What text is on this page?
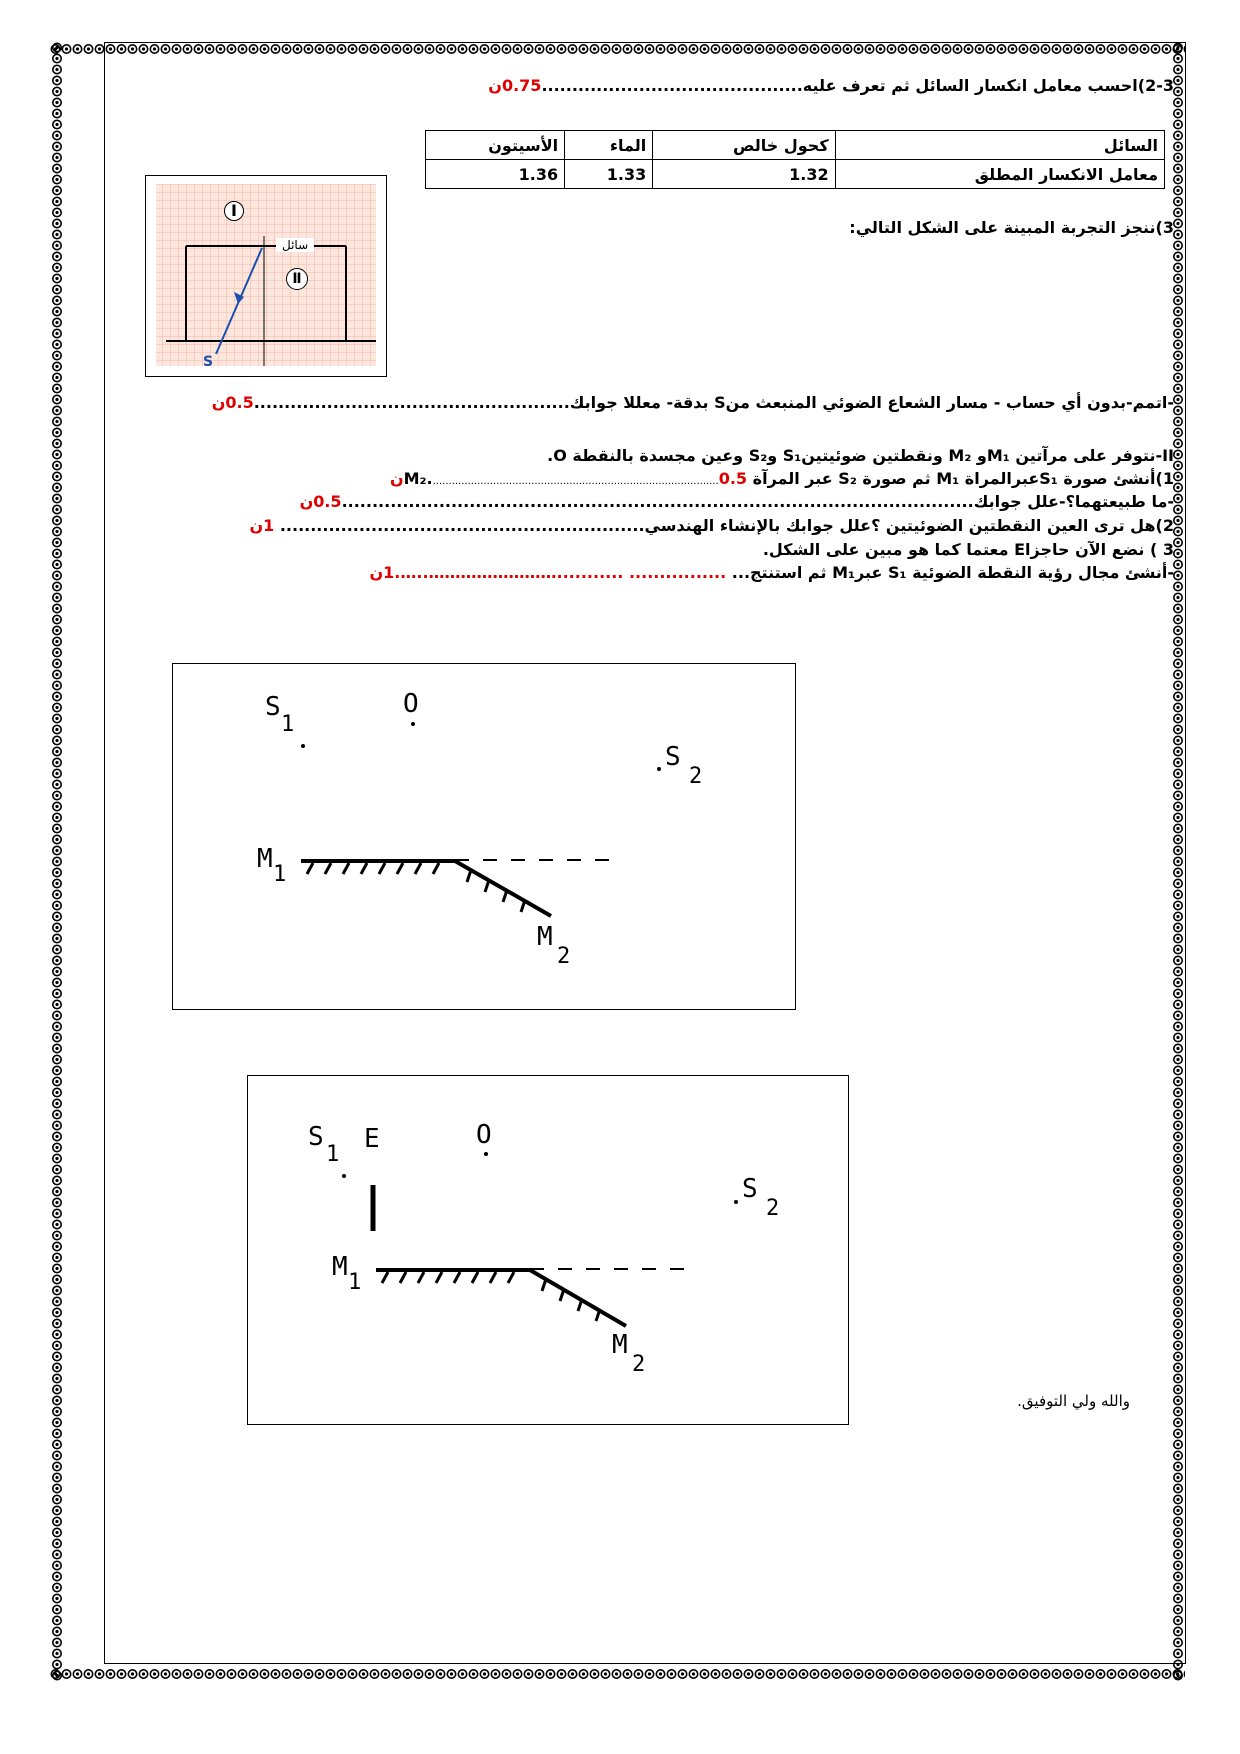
2-3)احسب معامل انكسار السائل ثم تعرف عليه...........................................0.75ن
السائل	كحول خالص	الماء	الأسيتون
معامل الانكسار المطلق	1.32	1.33	1.36
Ⅰ
سائل
Ⅱ
S
3)ننجز التجربة المبينة على الشكل التالي:
-اتمم-بدون أي حساب - مسار الشعاع الضوئي المنبعث منS بدقة- معللا جوابك....................................................0.5ن
II-نتوفر على مرآتين M₁و M₂ ونقطتين ضوئيتينS₁ وS₂ وعين مجسدة بالنقطة O.
1)أنشئ صورة S₁عبرالمراة M₁ ثم صورة S₂ عبر المرآة M₂...........................................................................................0.5ن
-ما طبيعتهما؟-علل جوابك........................................................................................................0.5ن
2)هل ترى العين النقطتين الضوئيتين ؟علل جوابك بالإنشاء الهندسي............................................................ 1ن
3 ) نضع الآن حاجزاE معتما كما هو مبين على الشكل.
-أنشئ مجال رؤية النقطة الضوئية S₁ عبرM₁ ثم استنتج... ................ ...........……………………..….1ن
S
1
O
S
2
M
1
M
2
S
1
E	O
S
2
M
1
M
2
والله ولي التوفيق.
